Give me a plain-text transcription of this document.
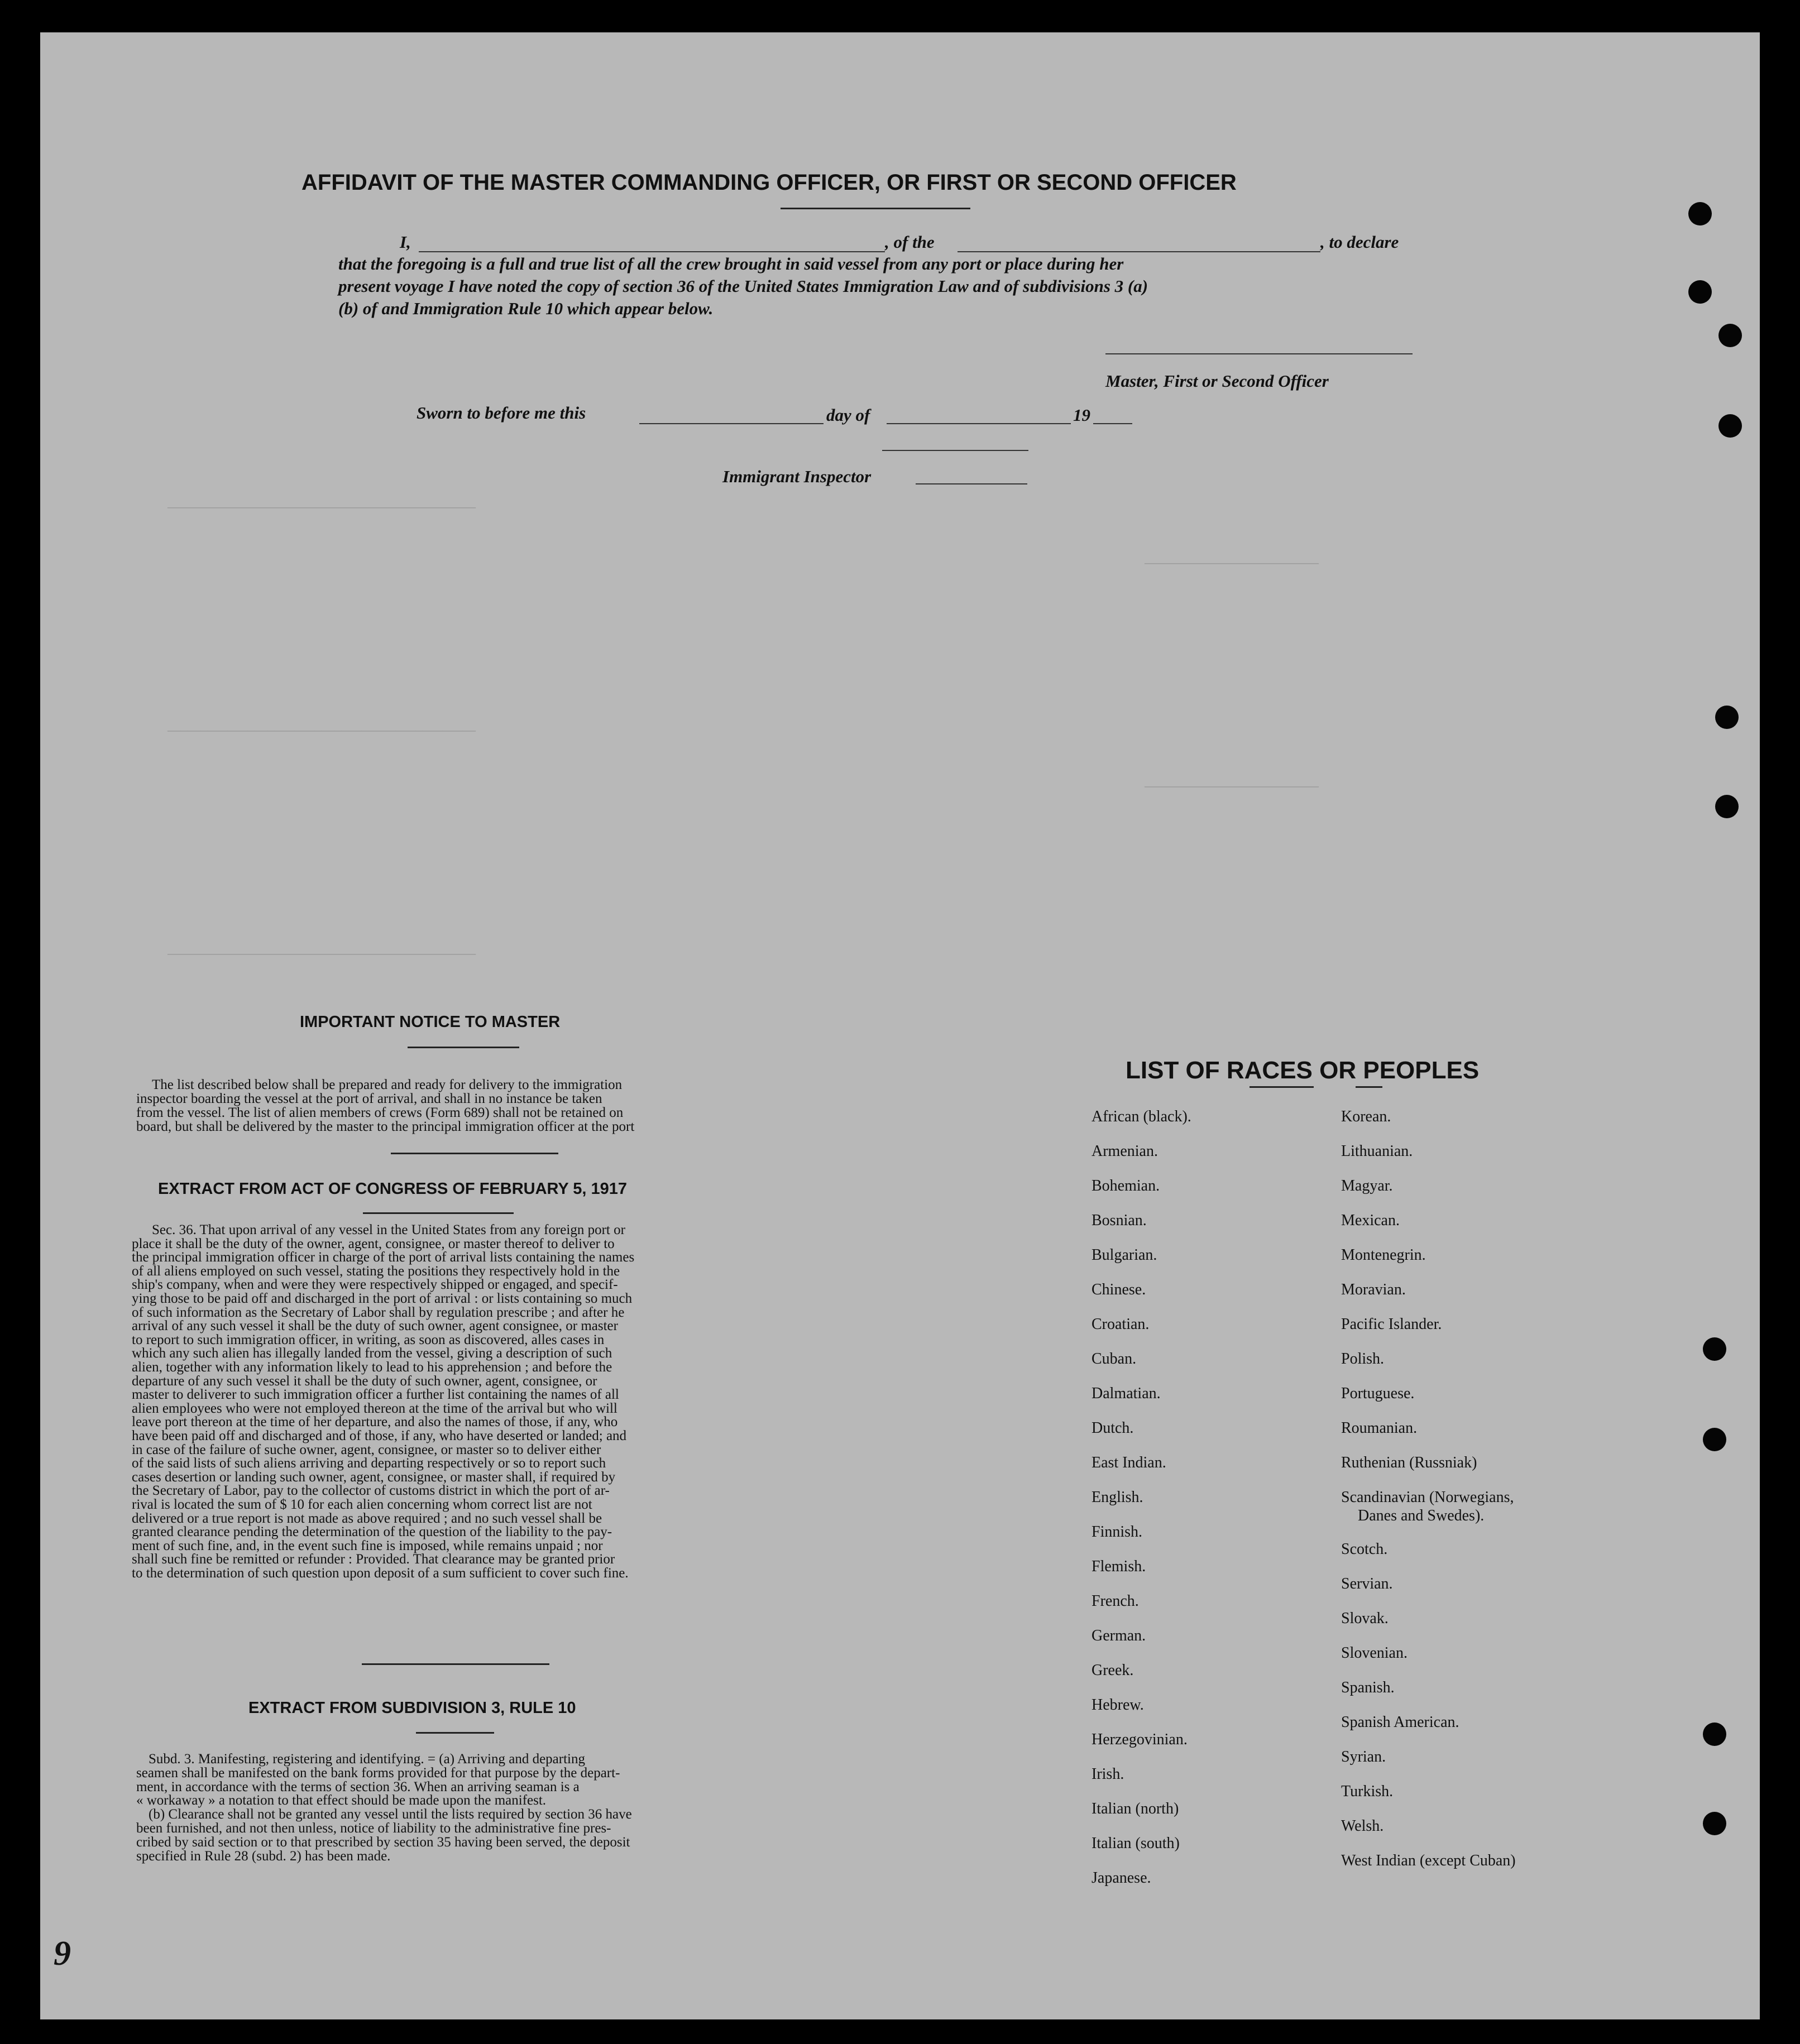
──────────────────────────────────────────────
──────────────────────────────────────────────
──────────────────────────────────────────────
──────────────────────────
──────────────────────────
AFFIDAVIT OF THE MASTER COMMANDING OFFICER, OR FIRST OR SECOND OFFICER
I,	, of the	, to declare
that the foregoing is a full and true list of all the crew brought in said vessel from any port or place during her
present voyage I have noted the copy of section 36 of the United States Immigration Law and of subdivisions 3 (a)
(b) of and Immigration Rule 10 which appear below.
Master, First or Second Officer
Sworn to before me this	day of	19
Immigrant Inspector
IMPORTANT NOTICE TO MASTER
The list described below shall be prepared and ready for delivery to the immigration
inspector boarding the vessel at the port of arrival, and shall in no instance be taken
from the vessel. The list of alien members of crews (Form 689) shall not be retained on
board, but shall be delivered by the master to the principal immigration officer at the port
EXTRACT FROM ACT OF CONGRESS OF FEBRUARY 5, 1917
Sec. 36. That upon arrival of any vessel in the United States from any foreign port or
place it shall be the duty of the owner, agent, consignee, or master thereof to deliver to
the principal immigration officer in charge of the port of arrival lists containing the names
of all aliens employed on such vessel, stating the positions they respectively hold in the
ship's company, when and were they were respectively shipped or engaged, and specif-
ying those to be paid off and discharged in the port of arrival : or lists containing so much
of such information as the Secretary of Labor shall by regulation prescribe ; and after he
arrival of any such vessel it shall be the duty of such owner, agent consignee, or master
to report to such immigration officer, in writing, as soon as discovered, alles cases in
which any such alien has illegally landed from the vessel, giving a description of such
alien, together with any information likely to lead to his apprehension ; and before the
departure of any such vessel it shall be the duty of such owner, agent, consignee, or
master to deliverer to such immigration officer a further list containing the names of all
alien employees who were not employed thereon at the time of the arrival but who will
leave port thereon at the time of her departure, and also the names of those, if any, who
have been paid off and discharged and of those, if any, who have deserted or landed; and
in case of the failure of suche owner, agent, consignee, or master so to deliver either
of the said lists of such aliens arriving and departing respectively or so to report such
cases desertion or landing such owner, agent, consignee, or master shall, if required by
the Secretary of Labor, pay to the collector of customs district in which the port of ar-
rival is located the sum of $ 10 for each alien concerning whom correct list are not
delivered or a true report is not made as above required ; and no such vessel shall be
granted clearance pending the determination of the question of the liability to the pay-
ment of such fine, and, in the event such fine is imposed, while remains unpaid ; nor
shall such fine be remitted or refunder : Provided. That clearance may be granted prior
to the determination of such question upon deposit of a sum sufficient to cover such fine.
EXTRACT FROM SUBDIVISION 3, RULE 10
Subd. 3. Manifesting, registering and identifying. = (a) Arriving and departing
seamen shall be manifested on the bank forms provided for that purpose by the depart-
ment, in accordance with the terms of section 36. When an arriving seaman is a
« workaway » a notation to that effect should be made upon the manifest.
(b) Clearance shall not be granted any vessel until the lists required by section 36 have
been furnished, and not then unless, notice of liability to the administrative fine pres-
cribed by said section or to that prescribed by section 35 having been served, the deposit
specified in Rule 28 (subd. 2) has been made.
LIST OF RACES OR PEOPLES
African (black).
Armenian.
Bohemian.
Bosnian.
Bulgarian.
Chinese.
Croatian.
Cuban.
Dalmatian.
Dutch.
East Indian.
English.
Finnish.
Flemish.
French.
German.
Greek.
Hebrew.
Herzegovinian.
Irish.
Italian (north)
Italian (south)
Japanese.
Korean.
Lithuanian.
Magyar.
Mexican.
Montenegrin.
Moravian.
Pacific Islander.
Polish.
Portuguese.
Roumanian.
Ruthenian (Russniak)
Scandinavian (Norwegians,
Danes and Swedes).
Scotch.
Servian.
Slovak.
Slovenian.
Spanish.
Spanish American.
Syrian.
Turkish.
Welsh.
West Indian (except Cuban)
9
